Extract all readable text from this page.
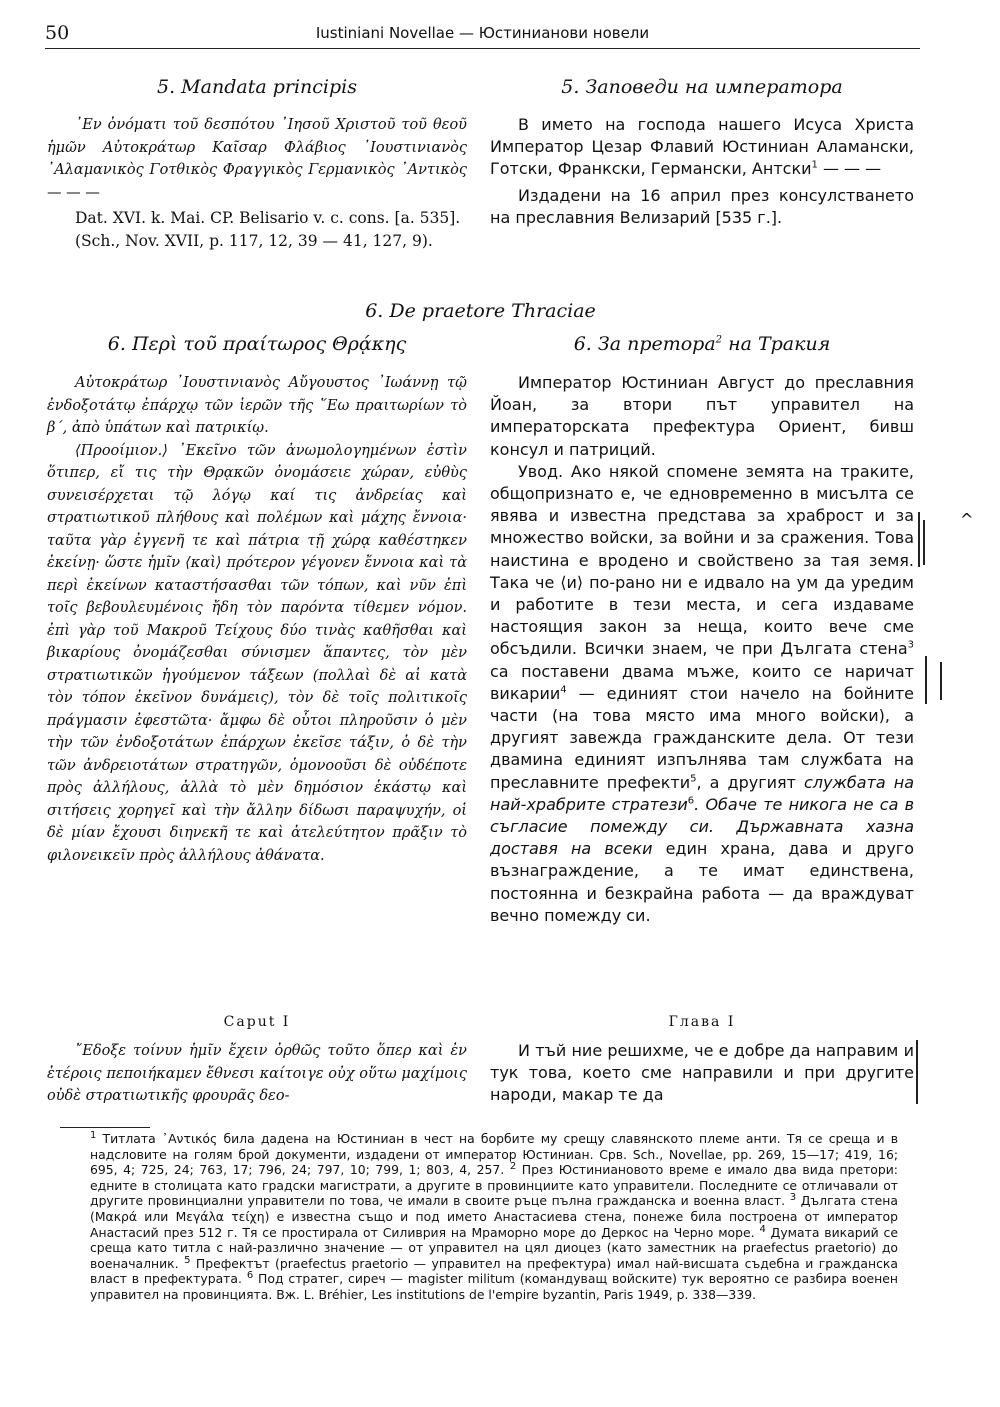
50	Iustiniani Novellae — Юстинианови новели
5. Mandata principis	5. Заповеди на императора

᾿Εν ὀνόματι τοῦ δεσπότου ᾿Ιησοῦ Χριστοῦ τοῦ θεοῦ ἡμῶν Αὐτοκράτωρ Καῖσαρ Φλάβιος ᾿Ιουστινιανὸς ᾿Αλαμανικὸς Γοτθικὸς Φραγγικὸς Γερμανικὸς ᾿Αντικὸς — — —

Dat. XVI. k. Mai. CP. Belisario v. c. cons. [a. 535].

(Sch., Nov. XVII, p. 117, 12, 39 — 41, 127, 9).

В името на господа нашего Исуса Христа Император Цезар Флавий Юстиниан Аламански, Готски, Франкски, Германски, Антски$^1$ — — —

Издадени на 16 април през консулстването на преславния Велизарий [535 г.].

6. De praetore Thraciae
6. Περὶ τοῦ πραίτωρος Θρᾴκης	6. За претора$^2$ на Тракия

Αὐτοκράτωρ ᾿Ιουστινιανὸς Αὔγουστος ᾿Ιωάννῃ τῷ ἐνδοξοτάτῳ ἐπάρχῳ τῶν ἱερῶν τῆς ῞Εω πραιτωρίων τὸ β΄, ἀπὸ ὑπάτων καὶ πατρικίῳ.

⟨Προοίμιον.⟩ ᾿Εκεῖνο τῶν ἀνωμολογημένων ἐστὶν ὅτιπερ, εἴ τις τὴν Θρᾳκῶν ὀνομάσειε χώραν, εὐθὺς συνεισέρχεται τῷ λόγῳ καί τις ἀνδρείας καὶ στρατιωτικοῦ πλήθους καὶ πολέμων καὶ μάχης ἔννοια· ταῦτα γὰρ ἐγγενῆ τε καὶ πάτρια τῇ χώρᾳ καθέστηκεν ἐκείνῃ· ὥστε ἡμῖν ⟨καὶ⟩ πρότερον γέγονεν ἔννοια καὶ τὰ περὶ ἐκείνων καταστήσασθαι τῶν τόπων, καὶ νῦν ἐπὶ τοῖς βεβουλευμένοις ἤδη τὸν παρόντα τίθεμεν νόμον. ἐπὶ γὰρ τοῦ Μακροῦ Τείχους δύο τινὰς καθῆσθαι καὶ βικαρίους ὀνομάζεσθαι σύνισμεν ἅπαντες, τὸν μὲν στρατιωτικῶν ἡγούμενον τάξεων (πολλαὶ δὲ αἱ κατὰ τὸν τόπον ἐκεῖνον δυνάμεις), τὸν δὲ τοῖς πολιτικοῖς πράγμασιν ἐφεστῶτα· ἄμφω δὲ οὗτοι πληροῦσιν ὁ μὲν τὴν τῶν ἐνδοξοτάτων ἐπάρχων ἐκεῖσε τάξιν, ὁ δὲ τὴν τῶν ἀνδρειοτάτων στρατηγῶν, ὁμονοοῦσι δὲ οὐδέποτε πρὸς ἀλλήλους, ἀλλὰ τὸ μὲν δημόσιον ἑκάστῳ καὶ σιτήσεις χορηγεῖ καὶ τὴν ἄλλην δίδωσι παραψυχήν, οἱ δὲ μίαν ἔχουσι διηνεκῆ τε καὶ ἀτελεύτητον πρᾶξιν τὸ φιλονεικεῖν πρὸς ἀλλήλους ἀθάνατα.

Император Юстиниан Август до преславния Йоан, за втори път управител на императорската префектура Ориент, бивш консул и патриций.

Увод. Ако някой спомене земята на траките, общопризнато е, че едновременно в мисълта се явява и известна представа за храброст и за множество войски, за войни и за сражения. Това наистина е вродено и свойствено за тая земя. Така че ⟨и⟩ по-рано ни е идвало на ум да уредим и работите в тези места, и сега издаваме настоящия закон за неща, които вече сме обсъдили. Всички знаем, че при Дългата стена$^3$ са поставени двама мъже, които се наричат викарии$^4$ — единият стои начело на бойните части (на това място има много войски), а другият завежда гражданските дела. От тези двамина единият изпълнява там службата на преславните префекти$^5$, а другият службата на най-храбрите стратези$^6$. Обаче те никога не са в съгласие помежду си. Държавната хазна доставя на всеки един храна, дава и друго възнаграждение, а те имат единствена, постоянна и безкрайна работа — да враждуват вечно помежду си.

^
Caput I	Глава I

῎Εδοξε τοίνυν ἡμῖν ἔχειν ὀρθῶς τοῦτο ὅπερ καὶ ἐν ἑτέροις πεποιήκαμεν ἔθνεσι καίτοιγε οὐχ οὕτω μαχίμοις οὐδὲ στρατιωτικῆς φρουρᾶς δεο-

И тъй ние решихме, че е добре да направим и тук това, което сме направили и при другите народи, макар те да

$^1$ Титлата ᾿Αντικός била дадена на Юстиниан в чест на борбите му срещу славянското племе анти. Тя се среща и в надсловите на голям брой документи, издадени от император Юстиниан. Срв. Sch., Novellae, pp. 269, 15—17; 419, 16; 695, 4; 725, 24; 763, 17; 796, 24; 797, 10; 799, 1; 803, 4, 257. $^2$ През Юстиниановото време е имало два вида претори: едните в столицата като градски магистрати, а другите в провинциите като управители. Последните се отличавали от другите провинциални управители по това, че имали в своите ръце пълна гражданска и военна власт. $^3$ Дългата стена (Μακρά или Μεγάλα τείχη) е известна също и под името Анастасиева стена, понеже била построена от император Анастасий през 512 г. Тя се простирала от Силиврия на Мраморно море до Деркос на Черно море. $^4$ Думата викарий се среща като титла с най-различно значение — от управител на цял диоцез (като заместник на praefectus praetorio) до военачалник. $^5$ Префектът (praefectus praetorio — управител на префектура) имал най-висшата съдебна и гражданска власт в префектурата. $^6$ Под стратег, сиреч — magister militum (командуващ войските) тук вероятно се разбира военен управител на провинцията. Вж. L. Bréhier, Les institutions de l'empire byzantin, Paris 1949, p. 338—339.
